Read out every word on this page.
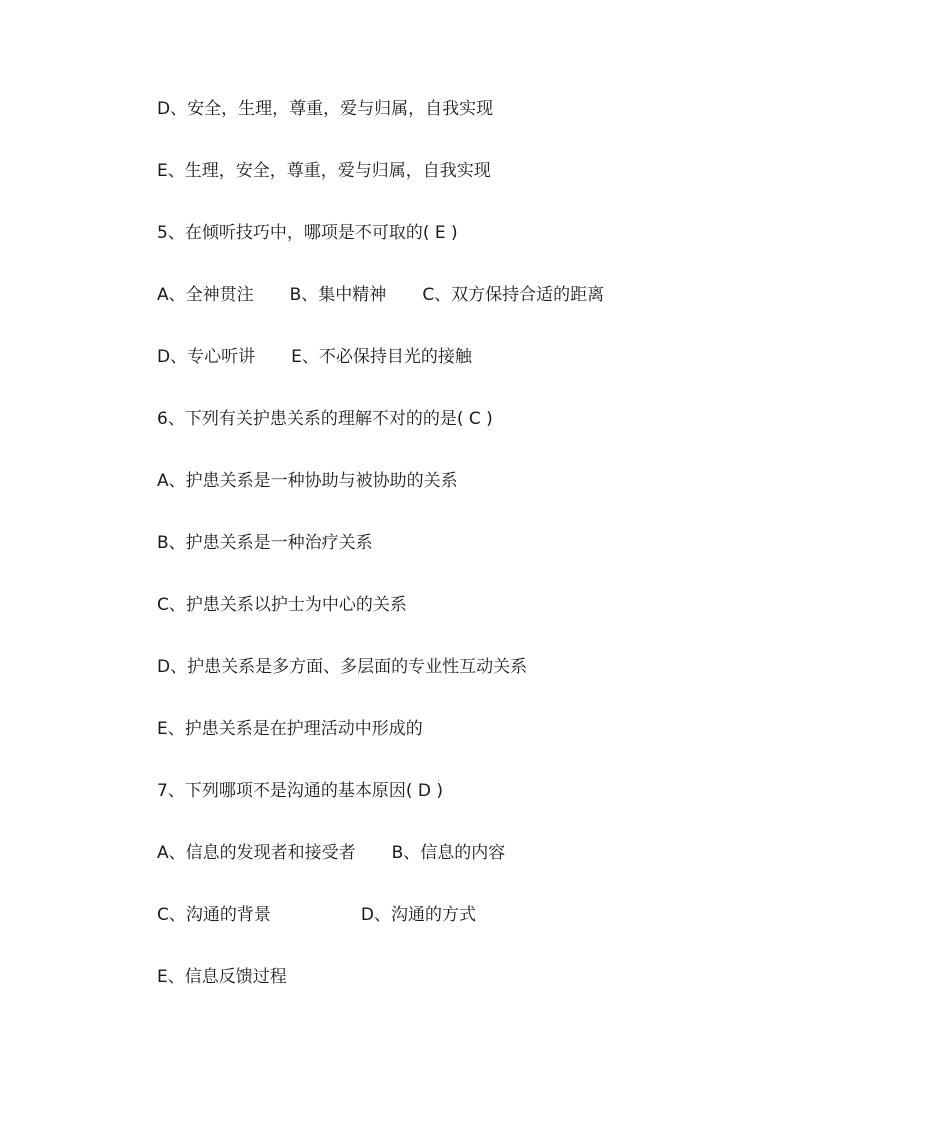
D、安全，生理，尊重，爱与归属，自我实现
E、生理，安全，尊重，爱与归属，自我实现
5、在倾听技巧中，哪项是不可取的( E )
A、全神贯注 B、集中精神 C、双方保持合适的距离
D、专心听讲 E、不必保持目光的接触
6、下列有关护患关系的理解不对的的是( C )
A、护患关系是一种协助与被协助的关系
B、护患关系是一种治疗关系
C、护患关系以护士为中心的关系
D、护患关系是多方面、多层面的专业性互动关系
E、护患关系是在护理活动中形成的
7、下列哪项不是沟通的基本原因( D )
A、信息的发现者和接受者 B、信息的内容
C、沟通的背景	D、沟通的方式
E、信息反馈过程
